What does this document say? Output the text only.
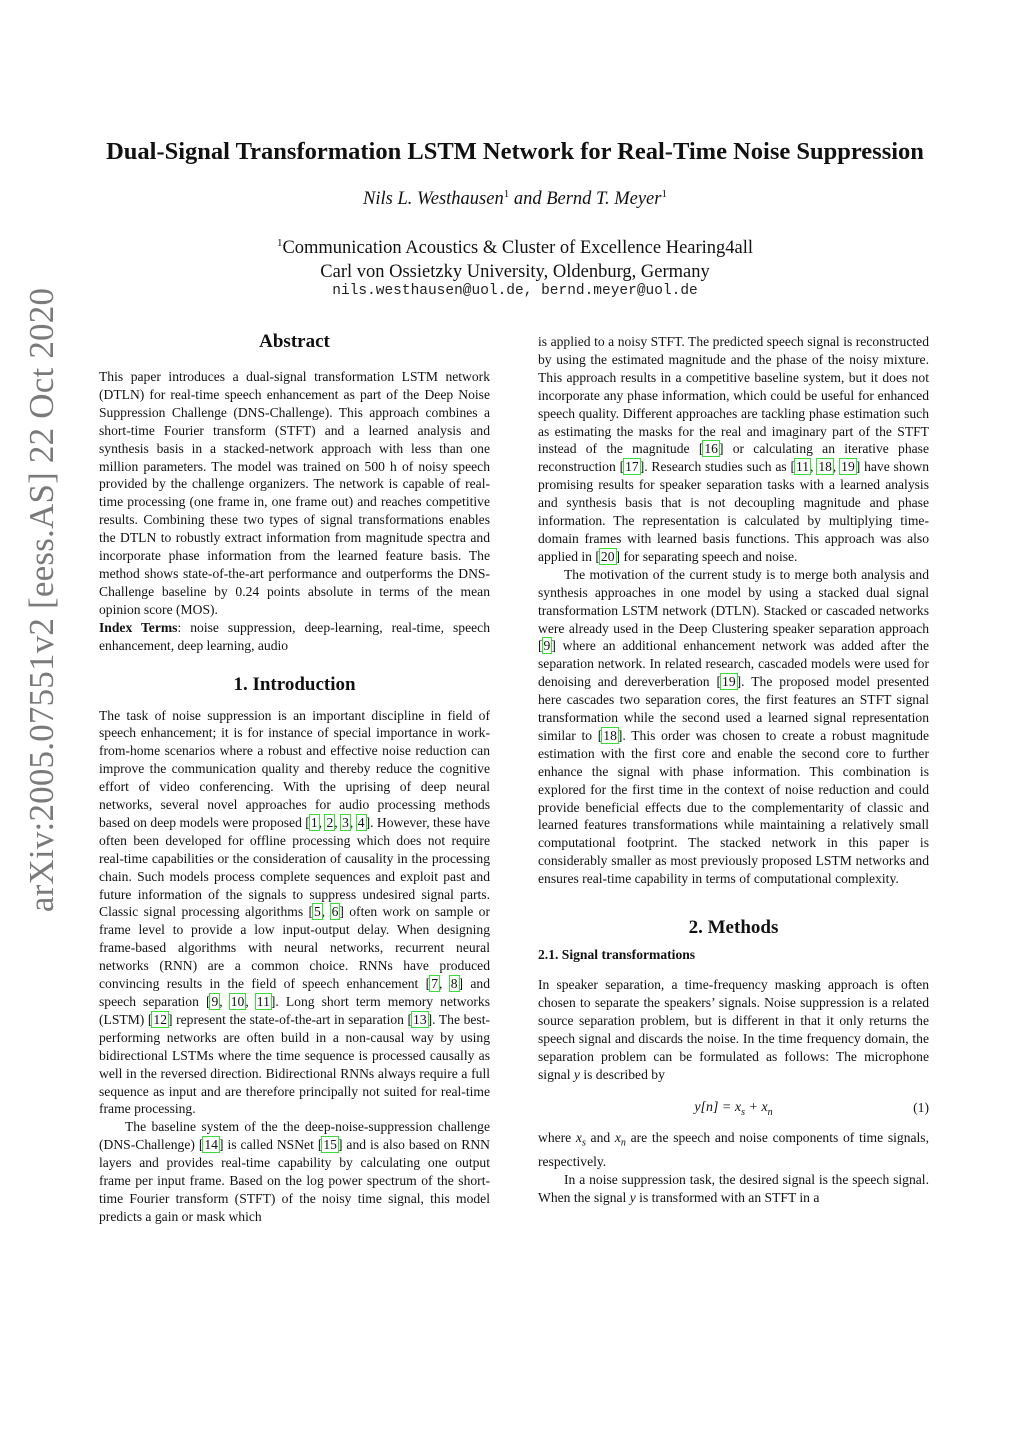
arXiv:2005.07551v2 [eess.AS] 22 Oct 2020
Dual-Signal Transformation LSTM Network for Real-Time Noise Suppression
Nils L. Westhausen$^1$ and Bernd T. Meyer$^1$
$^1$Communication Acoustics & Cluster of Excellence Hearing4all
Carl von Ossietzky University, Oldenburg, Germany
nils.westhausen@uol.de, bernd.meyer@uol.de
Abstract

This paper introduces a dual-signal transformation LSTM network (DTLN) for real-time speech enhancement as part of the Deep Noise Suppression Challenge (DNS-Challenge). This approach combines a short-time Fourier transform (STFT) and a learned analysis and synthesis basis in a stacked-network approach with less than one million parameters. The model was trained on 500 h of noisy speech provided by the challenge organizers. The network is capable of real-time processing (one frame in, one frame out) and reaches competitive results. Combining these two types of signal transformations enables the DTLN to robustly extract information from magnitude spectra and incorporate phase information from the learned feature basis. The method shows state-of-the-art performance and outperforms the DNS-Challenge baseline by 0.24 points absolute in terms of the mean opinion score (MOS).

Index Terms: noise suppression, deep-learning, real-time, speech enhancement, deep learning, audio

1. Introduction

The task of noise suppression is an important discipline in field of speech enhancement; it is for instance of special importance in work-from-home scenarios where a robust and effective noise reduction can improve the communication quality and thereby reduce the cognitive effort of video conferencing. With the uprising of deep neural networks, several novel approaches for audio processing methods based on deep models were proposed [1, 2, 3, 4]. However, these have often been developed for offline processing which does not require real-time capabilities or the consideration of causality in the processing chain. Such models process complete sequences and exploit past and future information of the signals to suppress undesired signal parts. Classic signal processing algorithms [5, 6] often work on sample or frame level to provide a low input-output delay. When designing frame-based algorithms with neural networks, recurrent neural networks (RNN) are a common choice. RNNs have produced convincing results in the field of speech enhancement [7, 8] and speech separation [9, 10, 11]. Long short term memory networks (LSTM) [12] represent the state-of-the-art in separation [13]. The best-performing networks are often build in a non-causal way by using bidirectional LSTMs where the time sequence is processed causally as well in the reversed direction. Bidirectional RNNs always require a full sequence as input and are therefore principally not suited for real-time frame processing.

The baseline system of the the deep-noise-suppression challenge (DNS-Challenge) [14] is called NSNet [15] and is also based on RNN layers and provides real-time capability by calculating one output frame per input frame. Based on the log power spectrum of the short-time Fourier transform (STFT) of the noisy time signal, this model predicts a gain or mask which

is applied to a noisy STFT. The predicted speech signal is reconstructed by using the estimated magnitude and the phase of the noisy mixture. This approach results in a competitive baseline system, but it does not incorporate any phase information, which could be useful for enhanced speech quality. Different approaches are tackling phase estimation such as estimating the masks for the real and imaginary part of the STFT instead of the magnitude [16] or calculating an iterative phase reconstruction [17]. Research studies such as [11, 18, 19] have shown promising results for speaker separation tasks with a learned analysis and synthesis basis that is not decoupling magnitude and phase information. The representation is calculated by multiplying time-domain frames with learned basis functions. This approach was also applied in [20] for separating speech and noise.

The motivation of the current study is to merge both analysis and synthesis approaches in one model by using a stacked dual signal transformation LSTM network (DTLN). Stacked or cascaded networks were already used in the Deep Clustering speaker separation approach [9] where an additional enhancement network was added after the separation network. In related research, cascaded models were used for denoising and dereverberation [19]. The proposed model presented here cascades two separation cores, the first features an STFT signal transformation while the second used a learned signal representation similar to [18]. This order was chosen to create a robust magnitude estimation with the first core and enable the second core to further enhance the signal with phase information. This combination is explored for the first time in the context of noise reduction and could provide beneficial effects due to the complementarity of classic and learned features transformations while maintaining a relatively small computational footprint. The stacked network in this paper is considerably smaller as most previously proposed LSTM networks and ensures real-time capability in terms of computational complexity.

2. Methods

2.1. Signal transformations

In speaker separation, a time-frequency masking approach is often chosen to separate the speakers’ signals. Noise suppression is a related source separation problem, but is different in that it only returns the speech signal and discards the noise. In the time frequency domain, the separation problem can be formulated as follows: The microphone signal y is described by

$y[n] = x_s + x_n$	(1)

where $x_s$ and $x_n$ are the speech and noise components of time signals, respectively.

In a noise suppression task, the desired signal is the speech signal. When the signal y is transformed with an STFT in a
